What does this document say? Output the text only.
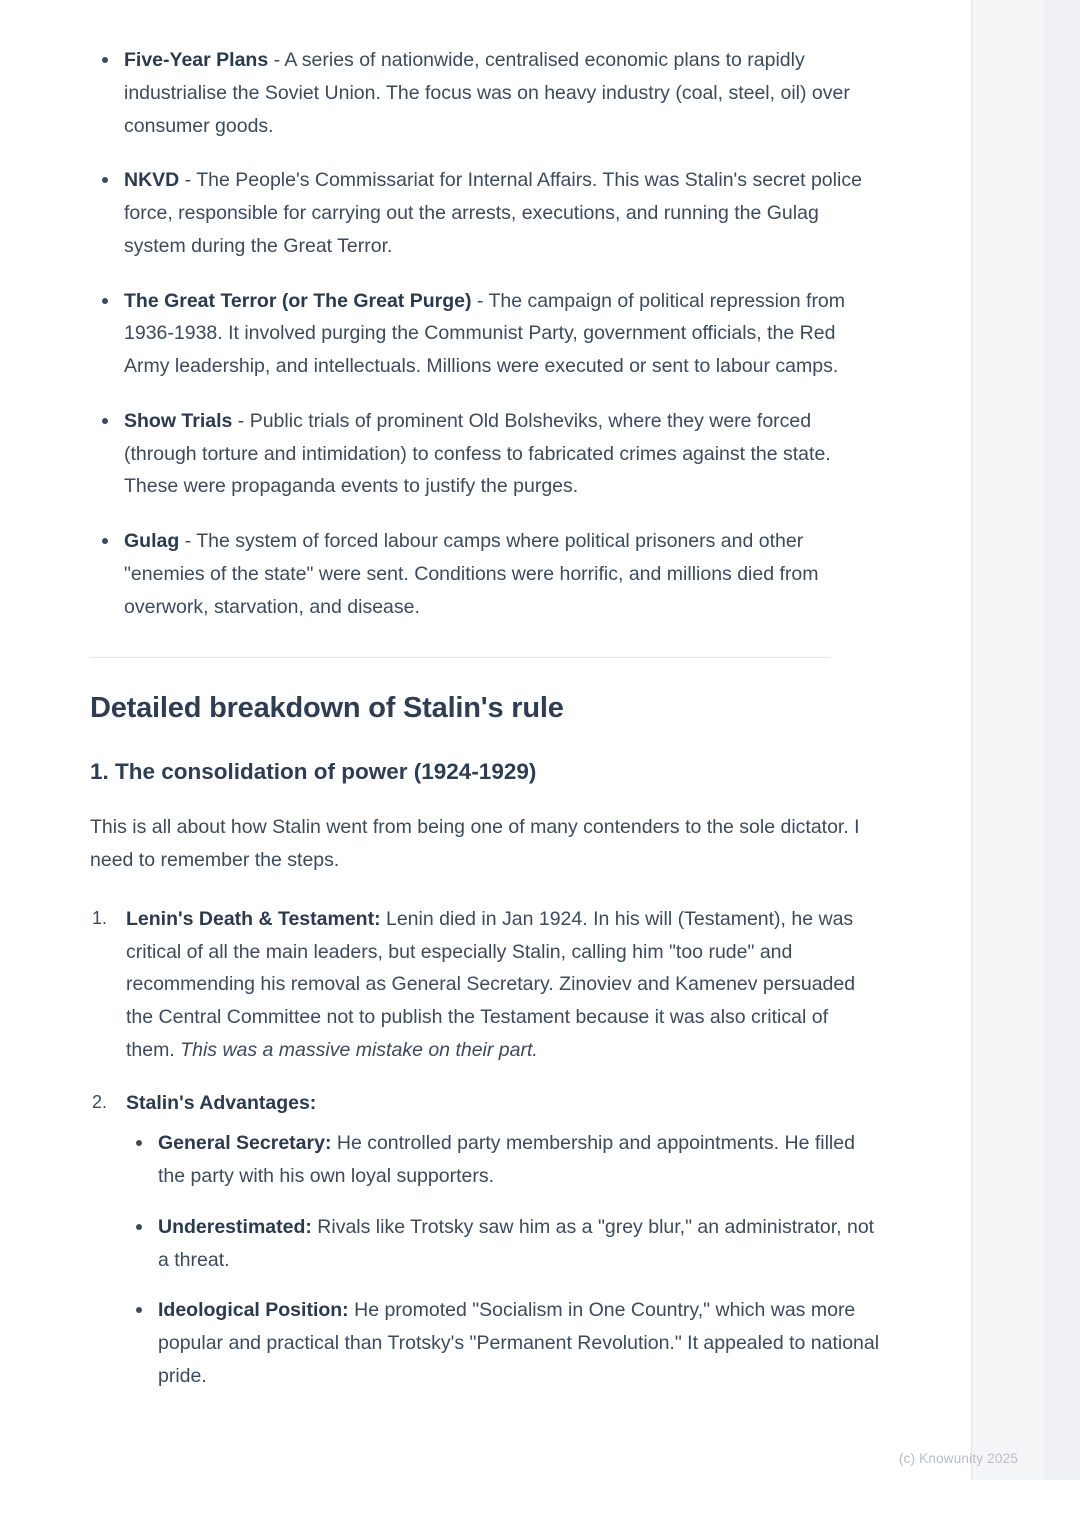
Five-Year Plans - A series of nationwide, centralised economic plans to rapidly industrialise the Soviet Union. The focus was on heavy industry (coal, steel, oil) over consumer goods.
NKVD - The People's Commissariat for Internal Affairs. This was Stalin's secret police force, responsible for carrying out the arrests, executions, and running the Gulag system during the Great Terror.
The Great Terror (or The Great Purge) - The campaign of political repression from 1936-1938. It involved purging the Communist Party, government officials, the Red Army leadership, and intellectuals. Millions were executed or sent to labour camps.
Show Trials - Public trials of prominent Old Bolsheviks, where they were forced (through torture and intimidation) to confess to fabricated crimes against the state. These were propaganda events to justify the purges.
Gulag - The system of forced labour camps where political prisoners and other "enemies of the state" were sent. Conditions were horrific, and millions died from overwork, starvation, and disease.
Detailed breakdown of Stalin's rule
1. The consolidation of power (1924-1929)

This is all about how Stalin went from being one of many contenders to the sole dictator. I need to remember the steps.

Lenin's Death & Testament: Lenin died in Jan 1924. In his will (Testament), he was critical of all the main leaders, but especially Stalin, calling him "too rude" and recommending his removal as General Secretary. Zinoviev and Kamenev persuaded the Central Committee not to publish the Testament because it was also critical of them. This was a massive mistake on their part.
Stalin's Advantages:
General Secretary: He controlled party membership and appointments. He filled the party with his own loyal supporters.
Underestimated: Rivals like Trotsky saw him as a "grey blur," an administrator, not a threat.
Ideological Position: He promoted "Socialism in One Country," which was more popular and practical than Trotsky's "Permanent Revolution." It appealed to national pride.
(c) Knowunity 2025
